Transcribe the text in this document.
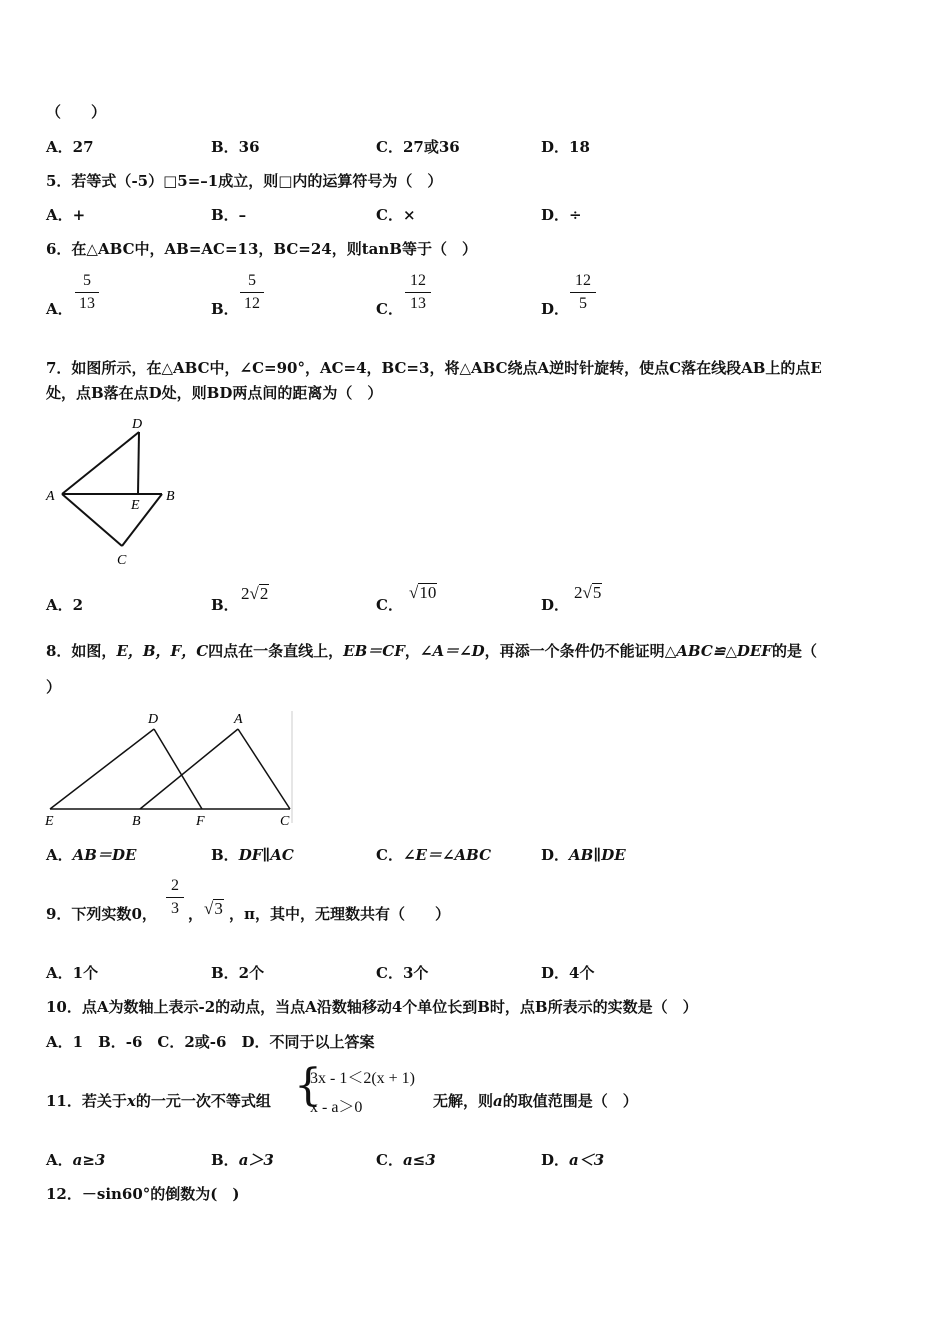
（　　）
A．27	B．36	C．27或36	D．18
5．若等式（-5）□5=–1成立，则□内的运算符号为（　）
A．+	B．–	C．×	D．÷
6．在△ABC中，AB=AC=13，BC=24，则tanB等于（　）
A．
5
13	B．
5
12	C．
12
13	D．
12
5
7．如图所示，在△ABC中，∠C=90°，AC=4，BC=3，将△ABC绕点A逆时针旋转，使点C落在线段AB上的点E
处，点B落在点D处，则BD两点间的距离为（　）
D
A
E
B
C
A．2	B．
2√2
C．
√10
D．
2√5
8．如图，E，B，F，C四点在一条直线上，EB＝CF，∠A＝∠D，再添一个条件仍不能证明△ABC≌△DEF的是（
）
D	A
E	B	F	C
A．AB＝DE	B．DF∥AC	C．∠E＝∠ABC	D．AB∥DE
9．下列实数0，
2
3 ， √3 ，π，其中，无理数共有（　　）
A．1个	B．2个	C．3个	D．4个
10．点A为数轴上表示-2的动点，当点A沿数轴移动4个单位长到B时，点B所表示的实数是（　）
A．1　B．-6　C．2或-6　D．不同于以上答案
11．若关于x的一元一次不等式组 {
3x - 1＜2(x + 1)
x - a＞0	无解，则a的取值范围是（　）
A．a≥3	B．a＞3	C．a≤3	D．a＜3
12．－sin60°的倒数为(　)
